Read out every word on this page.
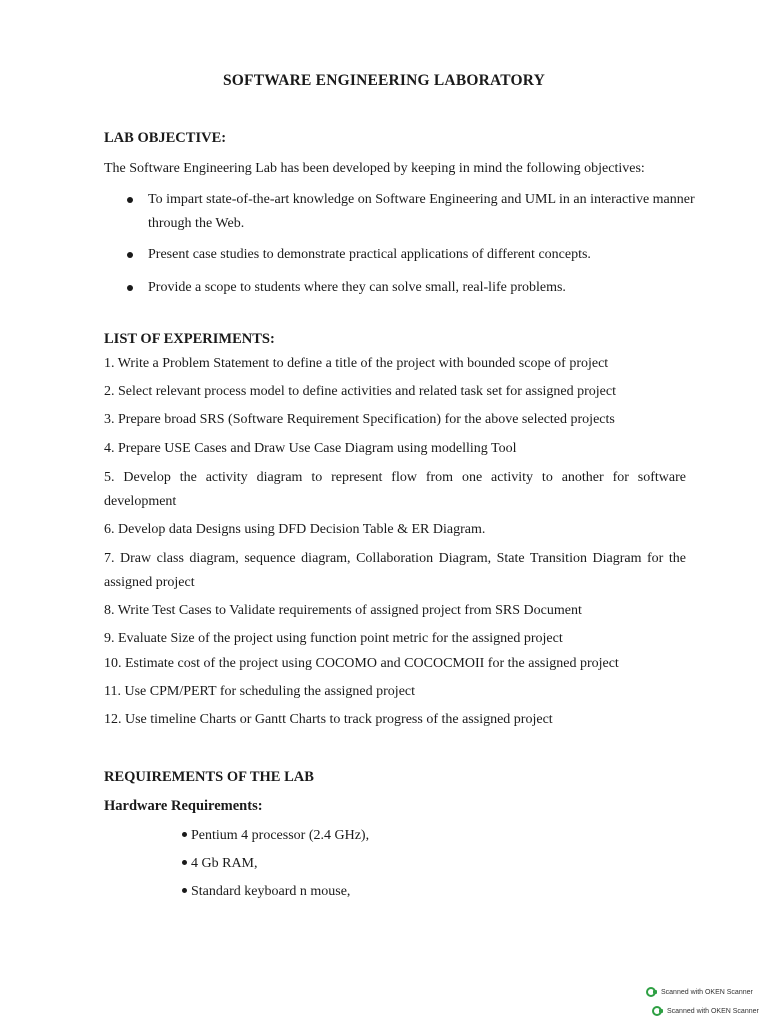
SOFTWARE ENGINEERING LABORATORY
LAB OBJECTIVE:
The Software Engineering Lab has been developed by keeping in mind the following objectives:
To impart state-of-the-art knowledge on Software Engineering and UML in an interactive manner through the Web.
Present case studies to demonstrate practical applications of different concepts.
Provide a scope to students where they can solve small, real-life problems.
LIST OF EXPERIMENTS:
1. Write a Problem Statement to define a title of the project with bounded scope of project
2. Select relevant process model to define activities and related task set for assigned project
3. Prepare broad SRS (Software Requirement Specification) for the above selected projects
4. Prepare USE Cases and Draw Use Case Diagram using modelling Tool
5. Develop the activity diagram to represent flow from one activity to another for software development
6. Develop data Designs using DFD Decision Table & ER Diagram.
7. Draw class diagram, sequence diagram, Collaboration Diagram, State Transition Diagram for the assigned project
8. Write Test Cases to Validate requirements of assigned project from SRS Document
9. Evaluate Size of the project using function point metric for the assigned project
10. Estimate cost of the project using COCOMO and COCOCMOII for the assigned project
11. Use CPM/PERT for scheduling the assigned project
12. Use timeline Charts or Gantt Charts to track progress of the assigned project
REQUIREMENTS OF THE LAB
Hardware Requirements:
Pentium 4 processor (2.4 GHz),
4 Gb RAM,
Standard keyboard n mouse,
Scanned with OKEN Scanner
Scanned with OKEN Scanner
